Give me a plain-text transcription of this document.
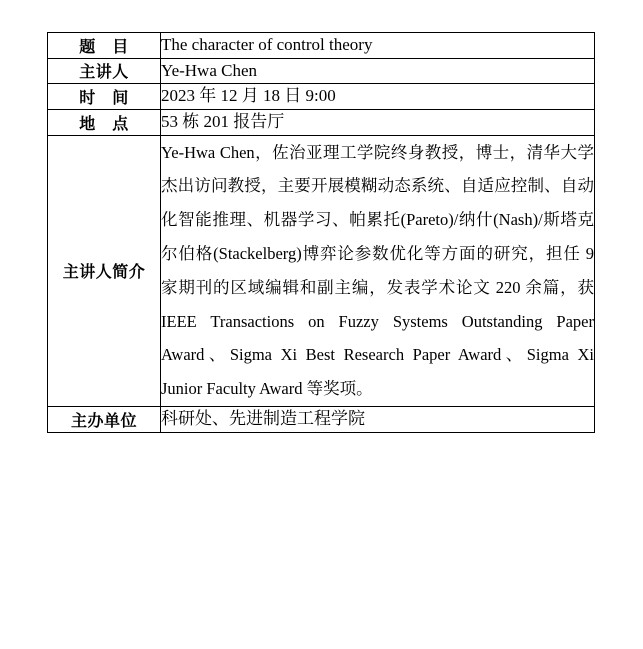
题　目	The character of control theory
主讲人	Ye-Hwa Chen
时　间	2023 年 12 月 18 日 9:00
地　点	53 栋 201 报告厅
主讲人简介	Ye-Hwa Chen，佐治亚理工学院终身教授，博士，清华大学杰出访问教授，主要开展模糊动态系统、自适应控制、自动化智能推理、机器学习、帕累托(Pareto)/纳什(Nash)/斯塔克尔伯格(Stackelberg)博弈论参数优化等方面的研究，担任 9 家期刊的区域编辑和副主编，发表学术论文 220 余篇，获 IEEE Transactions on Fuzzy Systems Outstanding Paper Award、Sigma Xi Best Research Paper Award、Sigma Xi Junior Faculty Award 等奖项。

主办单位	科研处、先进制造工程学院
